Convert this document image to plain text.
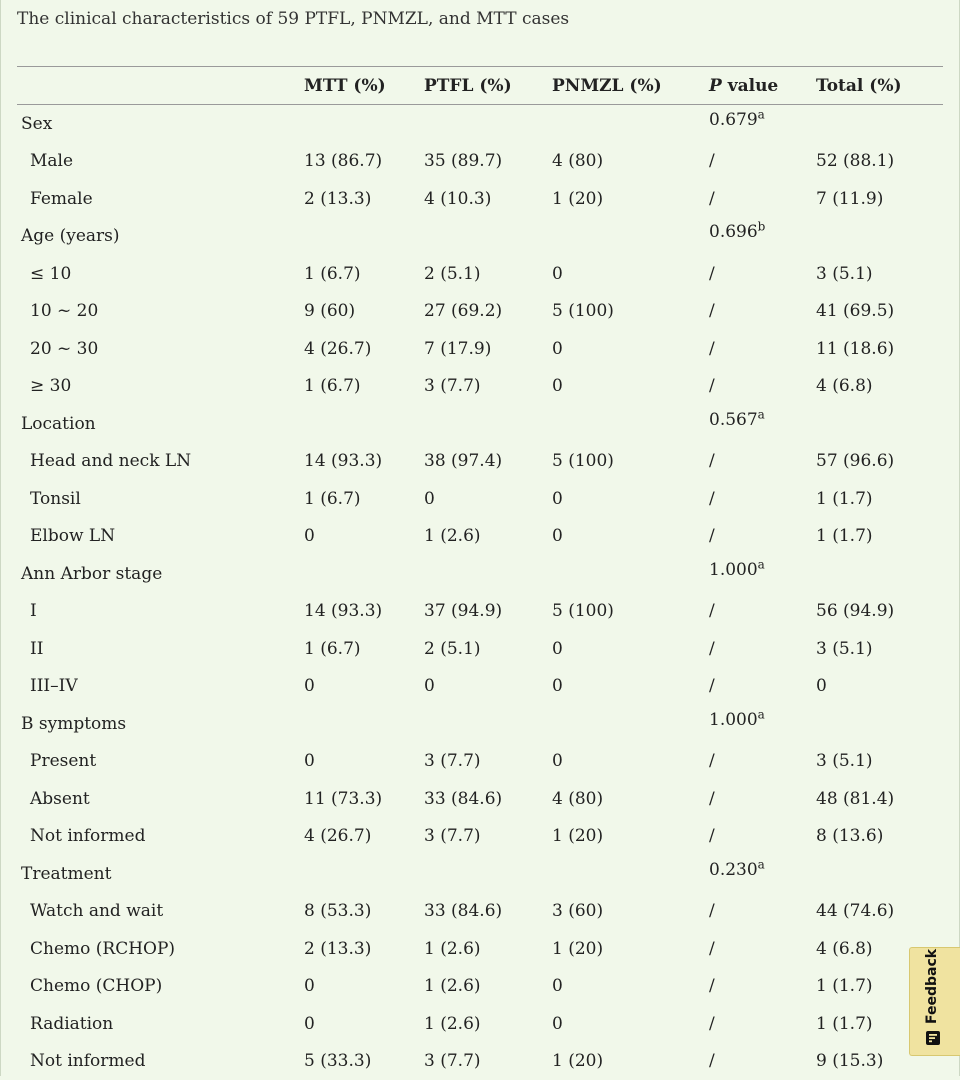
The clinical characteristics of 59 PTFL, PNMZL, and MTT cases
	MTT (%)	PTFL (%)	PNMZL (%)	P value	Total (%)
Sex				0.679$^a$	
Male	13 (86.7)	35 (89.7)	4 (80)	/	52 (88.1)
Female	2 (13.3)	4 (10.3)	1 (20)	/	7 (11.9)
Age (years)				0.696$^b$	
≤ 10	1 (6.7)	2 (5.1)	0	/	3 (5.1)
10 ~ 20	9 (60)	27 (69.2)	5 (100)	/	41 (69.5)
20 ~ 30	4 (26.7)	7 (17.9)	0	/	11 (18.6)
≥ 30	1 (6.7)	3 (7.7)	0	/	4 (6.8)
Location				0.567$^a$	
Head and neck LN	14 (93.3)	38 (97.4)	5 (100)	/	57 (96.6)
Tonsil	1 (6.7)	0	0	/	1 (1.7)
Elbow LN	0	1 (2.6)	0	/	1 (1.7)
Ann Arbor stage				1.000$^a$	
I	14 (93.3)	37 (94.9)	5 (100)	/	56 (94.9)
II	1 (6.7)	2 (5.1)	0	/	3 (5.1)
III–IV	0	0	0	/	0
B symptoms				1.000$^a$	
Present	0	3 (7.7)	0	/	3 (5.1)
Absent	11 (73.3)	33 (84.6)	4 (80)	/	48 (81.4)
Not informed	4 (26.7)	3 (7.7)	1 (20)	/	8 (13.6)
Treatment				0.230$^a$	
Watch and wait	8 (53.3)	33 (84.6)	3 (60)	/	44 (74.6)
Chemo (RCHOP)	2 (13.3)	1 (2.6)	1 (20)	/	4 (6.8)
Chemo (CHOP)	0	1 (2.6)	0	/	1 (1.7)
Radiation	0	1 (2.6)	0	/	1 (1.7)
Not informed	5 (33.3)	3 (7.7)	1 (20)	/	9 (15.3)
Feedback
